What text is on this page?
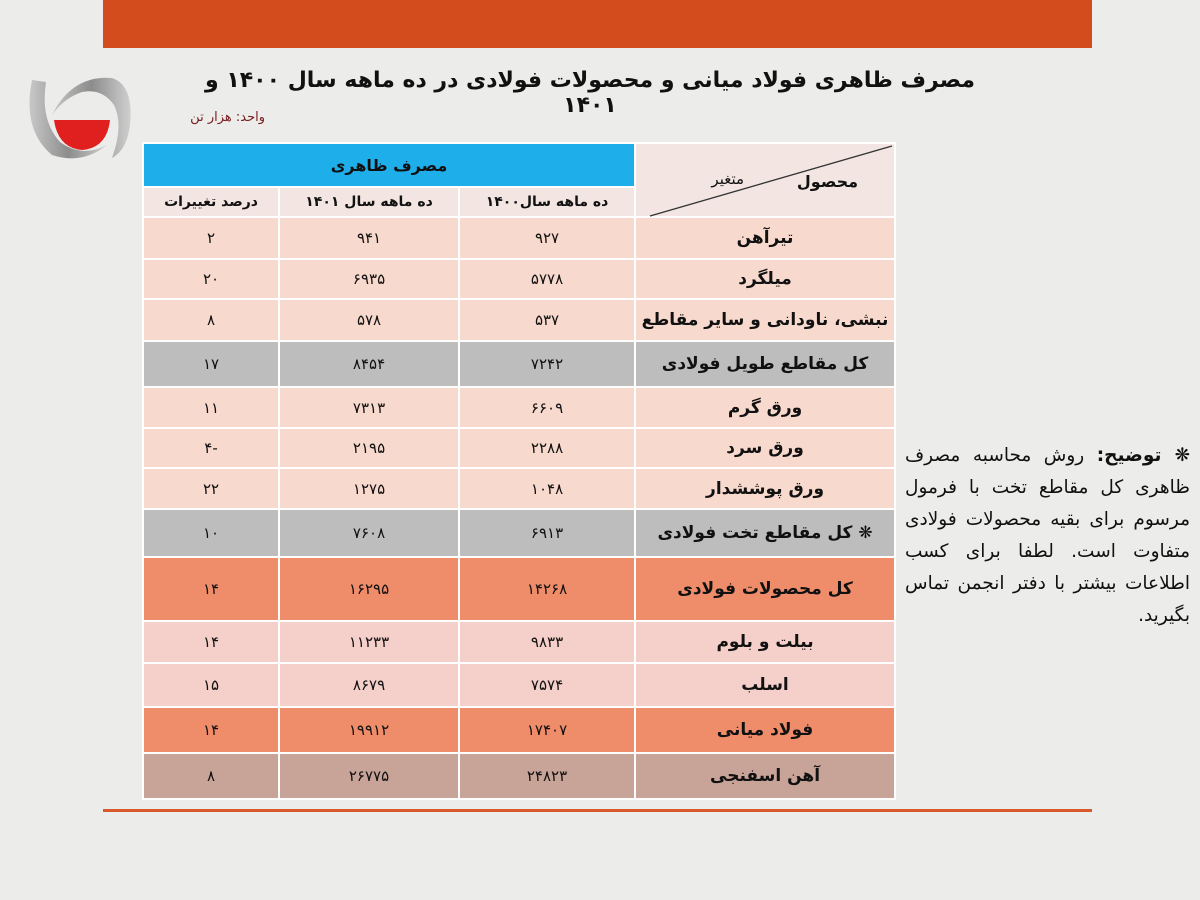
مصرف ظاهری فولاد میانی و محصولات فولادی در ده ماهه سال ۱۴۰۰ و ۱۴۰۱
واحد: هزار تن
محصول
متغیر	مصرف ظاهری		
	ده ماهه سال۱۴۰۰	ده ماهه سال ۱۴۰۱	درصد تغییرات
تیرآهن	۹۲۷	۹۴۱	۲
میلگرد	۵۷۷۸	۶۹۳۵	۲۰
نبشی، ناودانی و سایر مقاطع	۵۳۷	۵۷۸	۸
کل مقاطع طویل فولادی	۷۲۴۲	۸۴۵۴	۱۷
ورق گرم	۶۶۰۹	۷۳۱۳	۱۱
ورق سرد	۲۲۸۸	۲۱۹۵	-۴
ورق پوششدار	۱۰۴۸	۱۲۷۵	۲۲
❋ کل مقاطع تخت فولادی	۶۹۱۳	۷۶۰۸	۱۰
کل محصولات فولادی	۱۴۲۶۸	۱۶۲۹۵	۱۴
بیلت و بلوم	۹۸۳۳	۱۱۲۳۳	۱۴
اسلب	۷۵۷۴	۸۶۷۹	۱۵
فولاد میانی	۱۷۴۰۷	۱۹۹۱۲	۱۴
آهن اسفنجی	۲۴۸۲۳	۲۶۷۷۵	۸
❋ توضیح: روش محاسبه مصرف ظاهری کل مقاطع تخت با فرمول مرسوم برای بقیه محصولات فولادی متفاوت است. لطفا برای کسب اطلاعات بیشتر با دفتر انجمن تماس بگیرید.
